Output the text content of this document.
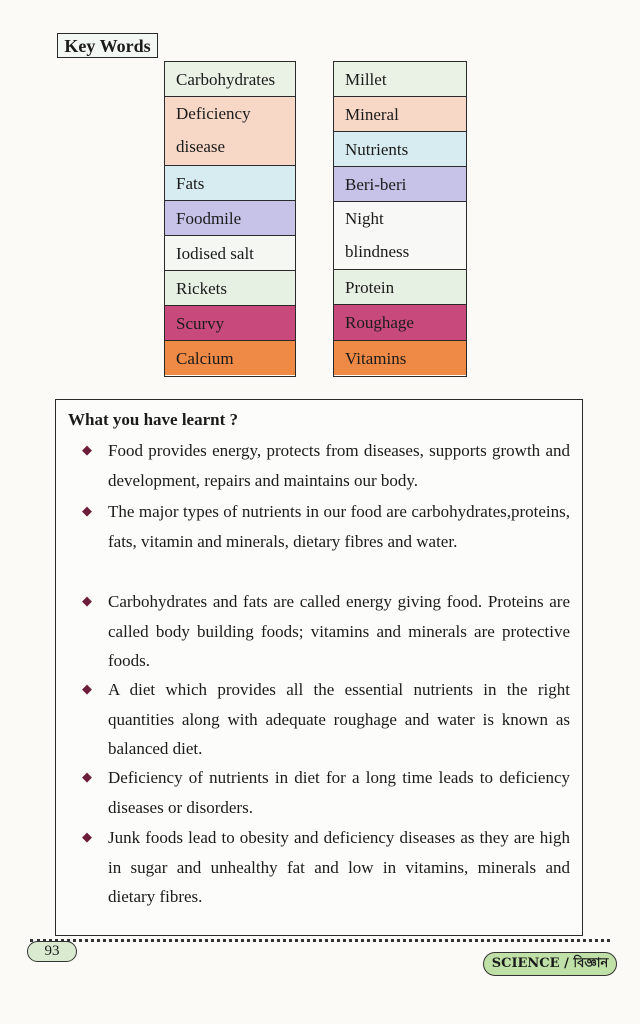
Key Words
Carbohydrates
Deficiency
disease
Fats
Foodmile
Iodised salt
Rickets
Scurvy
Calcium
Millet
Mineral
Nutrients
Beri-beri
Night
blindness
Protein
Roughage
Vitamins
What you have learnt ?
◆ Food provides energy, protects from diseases, supports growth and development, repairs and maintains our body.
◆ The major types of nutrients in our food are carbohydrates,proteins, fats, vitamin and minerals, dietary fibres and water.
◆ Carbohydrates and fats are called energy giving food. Proteins are called body building foods; vitamins and minerals are protective foods.
◆ A diet which provides all the essential nutrients in the right quantities along with adequate roughage and water is known as balanced diet.
◆ Deficiency of nutrients in diet for a long time leads to deficiency diseases or disorders.
◆ Junk foods lead to obesity and deficiency diseases as they are high in sugar and unhealthy fat and low in vitamins, minerals and dietary fibres.
93
SCIENCE / বিজ্ঞান
